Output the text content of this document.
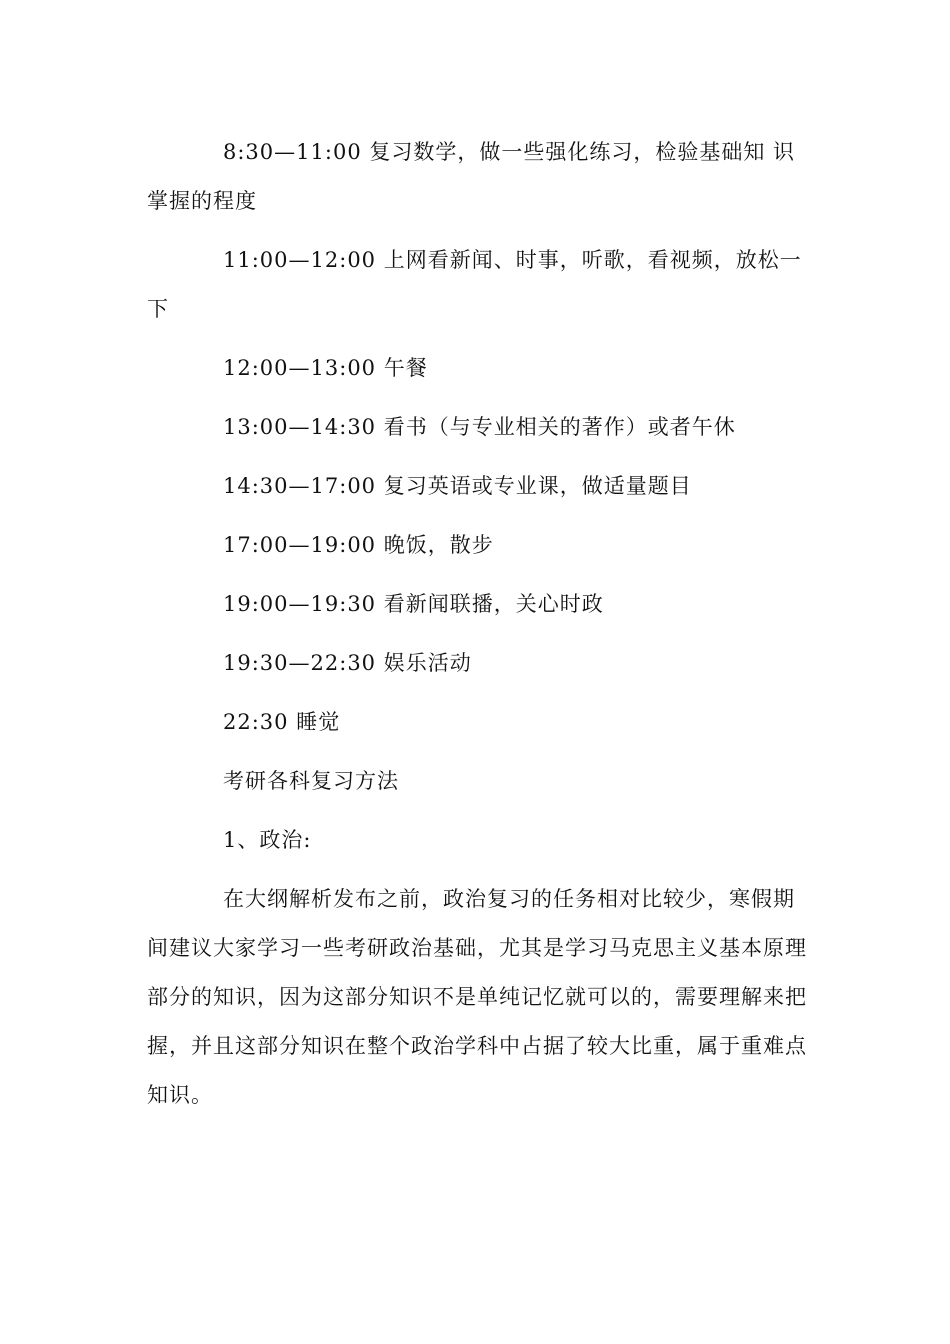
8:30—11:00 复习数学，做一些强化练习，检验基础知 识掌握的程度

11:00—12:00 上网看新闻、时事，听歌，看视频，放松一下

12:00—13:00 午餐

13:00—14:30 看书（与专业相关的著作）或者午休

14:30—17:00 复习英语或专业课，做适量题目

17:00—19:00 晚饭，散步

19:00—19:30 看新闻联播，关心时政

19:30—22:30 娱乐活动

22:30 睡觉

考研各科复习方法

1、政治:

在大纲解析发布之前，政治复习的任务相对比较少，寒假期间建议大家学习一些考研政治基础，尤其是学习马克思主义基本原理部分的知识，因为这部分知识不是单纯记忆就可以的，需要理解来把握，并且这部分知识在整个政治学科中占据了较大比重，属于重难点知识。
